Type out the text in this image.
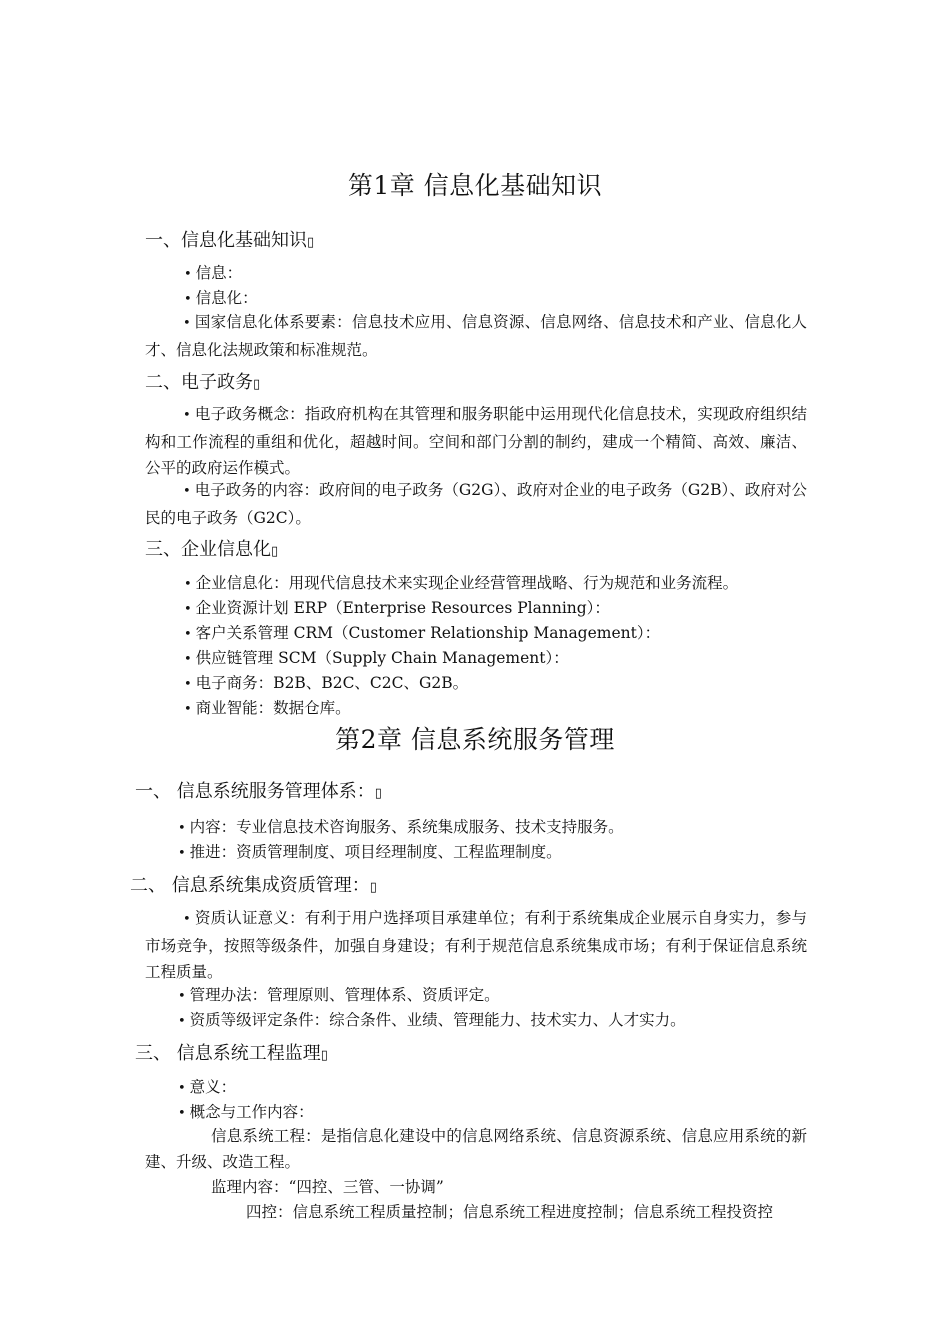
第1章 信息化基础知识
一、信息化基础知识▯
• 信息：
• 信息化：
• 国家信息化体系要素：信息技术应用、信息资源、信息网络、信息技术和产业、信息化人才、信息化法规政策和标准规范。
二、电子政务▯
• 电子政务概念：指政府机构在其管理和服务职能中运用现代化信息技术，实现政府组织结构和工作流程的重组和优化，超越时间。空间和部门分割的制约，建成一个精简、高效、廉洁、公平的政府运作模式。
• 电子政务的内容：政府间的电子政务（G2G）、政府对企业的电子政务（G2B）、政府对公民的电子政务（G2C）。
三、企业信息化▯
• 企业信息化：用现代信息技术来实现企业经营管理战略、行为规范和业务流程。
• 企业资源计划 ERP（Enterprise Resources Planning）：
• 客户关系管理 CRM（Customer Relationship Management）：
• 供应链管理 SCM（Supply Chain Management）：
• 电子商务：B2B、B2C、C2C、G2B。
• 商业智能：数据仓库。
第2章 信息系统服务管理
一、 信息系统服务管理体系：▯
• 内容：专业信息技术咨询服务、系统集成服务、技术支持服务。
• 推进：资质管理制度、项目经理制度、工程监理制度。
二、 信息系统集成资质管理：▯
• 资质认证意义：有利于用户选择项目承建单位；有利于系统集成企业展示自身实力，参与市场竞争，按照等级条件，加强自身建设；有利于规范信息系统集成市场；有利于保证信息系统工程质量。
• 管理办法：管理原则、管理体系、资质评定。
• 资质等级评定条件：综合条件、业绩、管理能力、技术实力、人才实力。
三、 信息系统工程监理▯
• 意义：
• 概念与工作内容：
信息系统工程：是指信息化建设中的信息网络系统、信息资源系统、信息应用系统的新建、升级、改造工程。
监理内容：“四控、三管、一协调”
四控：信息系统工程质量控制；信息系统工程进度控制；信息系统工程投资控
